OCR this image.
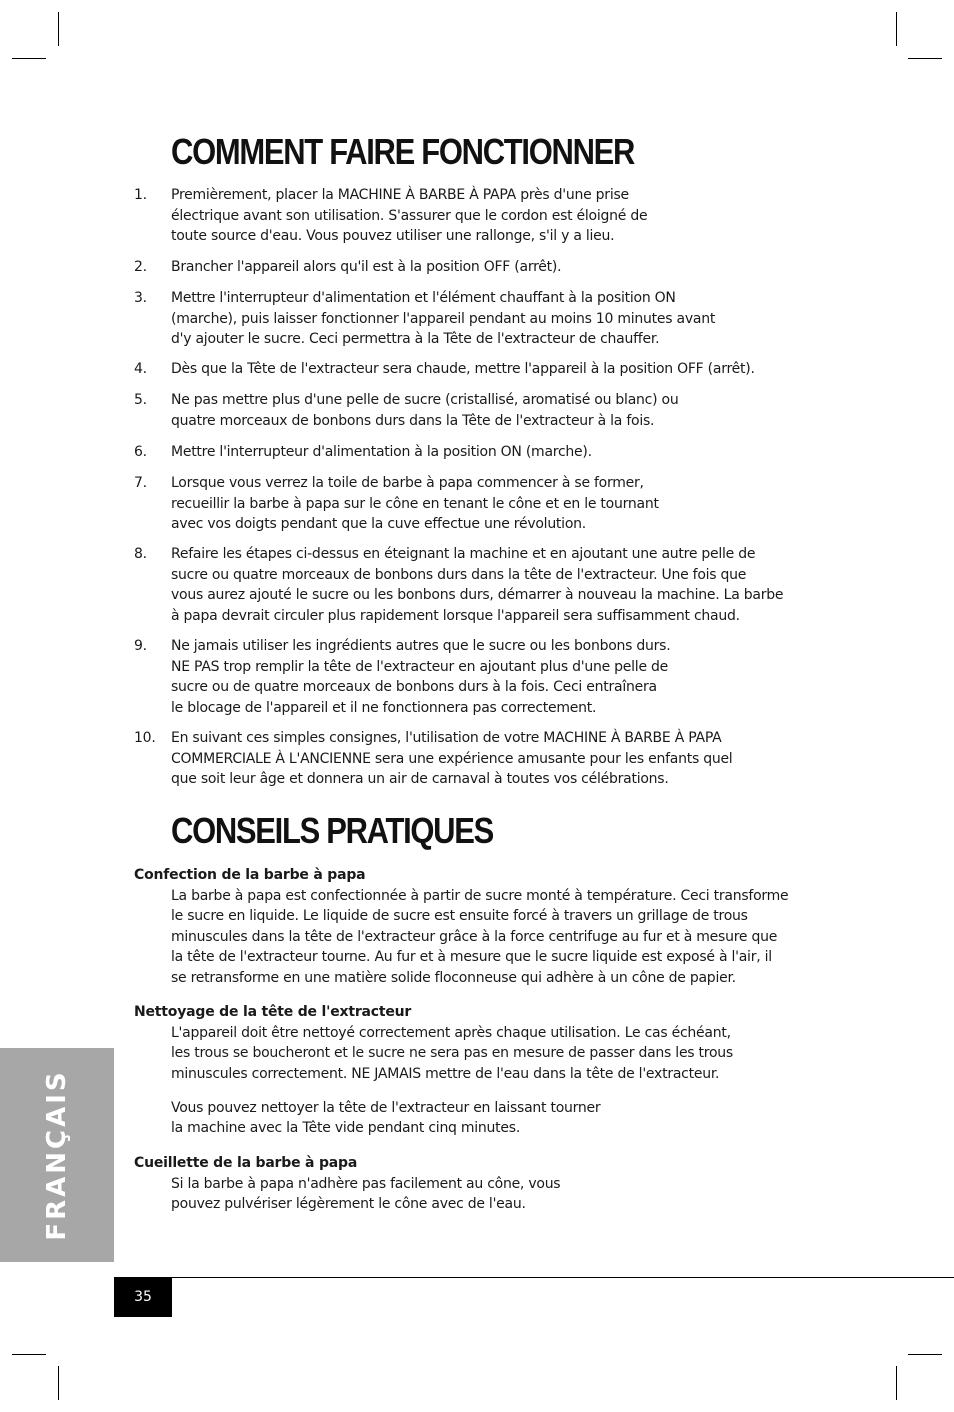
COMMENT FAIRE FONCTIONNER
1. Premièrement, placer la MACHINE À BARBE À PAPA près d'une prise
électrique avant son utilisation. S'assurer que le cordon est éloigné de
toute source d'eau. Vous pouvez utiliser une rallonge, s'il y a lieu.
2. Brancher l'appareil alors qu'il est à la position OFF (arrêt).
3. Mettre l'interrupteur d'alimentation et l'élément chauffant à la position ON
(marche), puis laisser fonctionner l'appareil pendant au moins 10 minutes avant
d'y ajouter le sucre. Ceci permettra à la Tête de l'extracteur de chauffer.
4. Dès que la Tête de l'extracteur sera chaude, mettre l'appareil à la position OFF (arrêt).
5. Ne pas mettre plus d'une pelle de sucre (cristallisé, aromatisé ou blanc) ou
quatre morceaux de bonbons durs dans la Tête de l'extracteur à la fois.
6. Mettre l'interrupteur d'alimentation à la position ON (marche).
7. Lorsque vous verrez la toile de barbe à papa commencer à se former,
recueillir la barbe à papa sur le cône en tenant le cône et en le tournant
avec vos doigts pendant que la cuve effectue une révolution.
8. Refaire les étapes ci-dessus en éteignant la machine et en ajoutant une autre pelle de
sucre ou quatre morceaux de bonbons durs dans la tête de l'extracteur. Une fois que
vous aurez ajouté le sucre ou les bonbons durs, démarrer à nouveau la machine. La barbe
à papa devrait circuler plus rapidement lorsque l'appareil sera suffisamment chaud.
9. Ne jamais utiliser les ingrédients autres que le sucre ou les bonbons durs.
NE PAS trop remplir la tête de l'extracteur en ajoutant plus d'une pelle de
sucre ou de quatre morceaux de bonbons durs à la fois. Ceci entraînera
le blocage de l'appareil et il ne fonctionnera pas correctement.
10. En suivant ces simples consignes, l'utilisation de votre MACHINE À BARBE À PAPA
COMMERCIALE À L'ANCIENNE sera une expérience amusante pour les enfants quel
que soit leur âge et donnera un air de carnaval à toutes vos célébrations.
CONSEILS PRATIQUES
Confection de la barbe à papa
La barbe à papa est confectionnée à partir de sucre monté à température. Ceci transforme
le sucre en liquide. Le liquide de sucre est ensuite forcé à travers un grillage de trous
minuscules dans la tête de l'extracteur grâce à la force centrifuge au fur et à mesure que
la tête de l'extracteur tourne. Au fur et à mesure que le sucre liquide est exposé à l'air, il
se retransforme en une matière solide floconneuse qui adhère à un cône de papier.
Nettoyage de la tête de l'extracteur
L'appareil doit être nettoyé correctement après chaque utilisation. Le cas échéant,
les trous se boucheront et le sucre ne sera pas en mesure de passer dans les trous
minuscules correctement. NE JAMAIS mettre de l'eau dans la tête de l'extracteur.
Vous pouvez nettoyer la tête de l'extracteur en laissant tourner
la machine avec la Tête vide pendant cinq minutes.
Cueillette de la barbe à papa
Si la barbe à papa n'adhère pas facilement au cône, vous
pouvez pulvériser légèrement le cône avec de l'eau.
FRANÇAIS
35
